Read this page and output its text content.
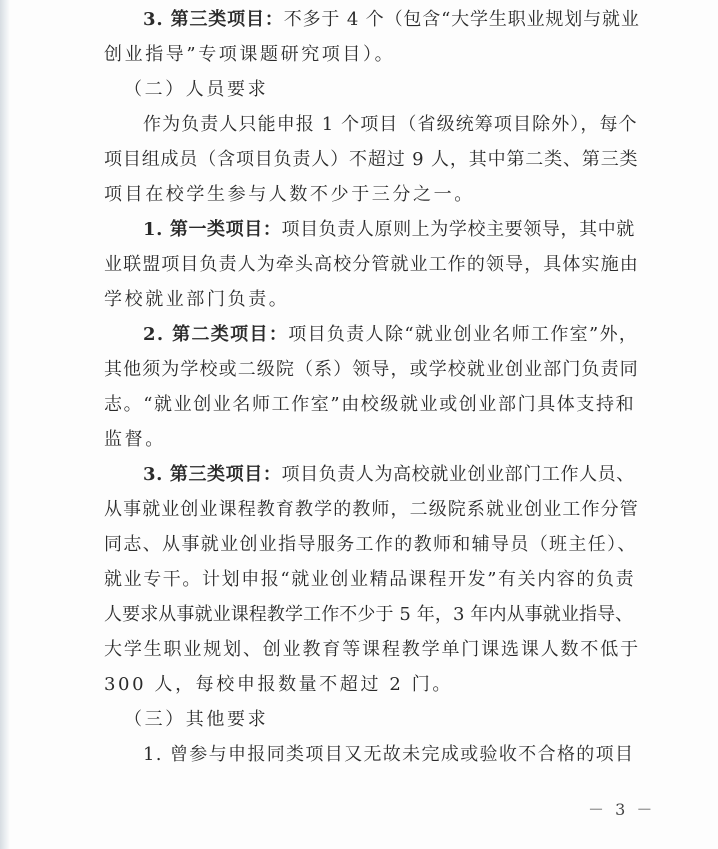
3. 第三类项目：不多于 4 个（包含“大学生职业规划与就业
创业指导”专项课题研究项目）。
（二）人员要求
作为负责人只能申报 1 个项目（省级统筹项目除外），每个
项目组成员（含项目负责人）不超过 9 人，其中第二类、第三类
项目在校学生参与人数不少于三分之一。
1. 第一类项目：项目负责人原则上为学校主要领导，其中就
业联盟项目负责人为牵头高校分管就业工作的领导，具体实施由
学校就业部门负责。
2. 第二类项目：项目负责人除“就业创业名师工作室”外，
其他须为学校或二级院（系）领导，或学校就业创业部门负责同
志。“就业创业名师工作室”由校级就业或创业部门具体支持和
监督。
3. 第三类项目：项目负责人为高校就业创业部门工作人员、
从事就业创业课程教育教学的教师，二级院系就业创业工作分管
同志、从事就业创业指导服务工作的教师和辅导员（班主任）、
就业专干。计划申报“就业创业精品课程开发”有关内容的负责
人要求从事就业课程教学工作不少于 5 年，3 年内从事就业指导、
大学生职业规划、创业教育等课程教学单门课选课人数不低于
300 人，每校申报数量不超过 2 门。
（三）其他要求
1. 曾参与申报同类项目又无故未完成或验收不合格的项目
－ 3 －
